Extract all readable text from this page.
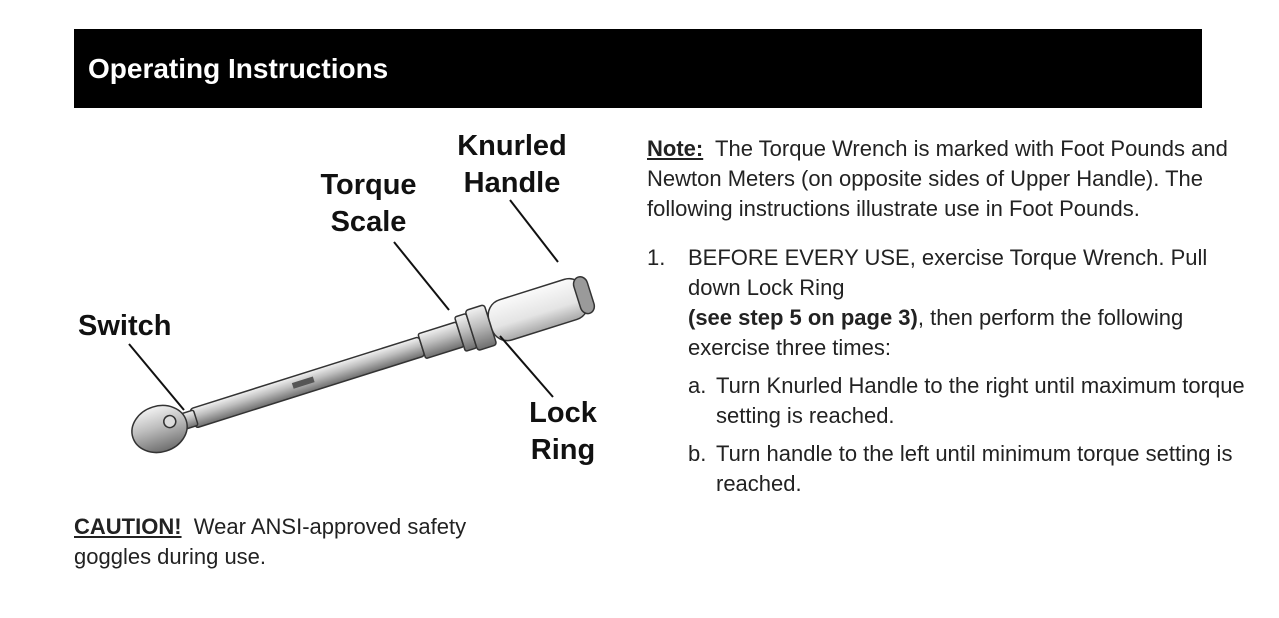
Operating Instructions
Knurled
Handle
Torque
Scale
Switch
Lock
Ring
CAUTION! Wear ANSI-approved safety goggles during use.

Note: The Torque Wrench is marked with Foot Pounds and Newton Meters (on opposite sides of Upper Handle). The following instructions illustrate use in Foot Pounds.

1. BEFORE EVERY USE, exercise Torque Wrench. Pull down Lock Ring
(see step 5 on page 3), then perform the following exercise three times:
a. Turn Knurled Handle to the right until maximum torque setting is reached.
b. Turn handle to the left until minimum torque setting is reached.
